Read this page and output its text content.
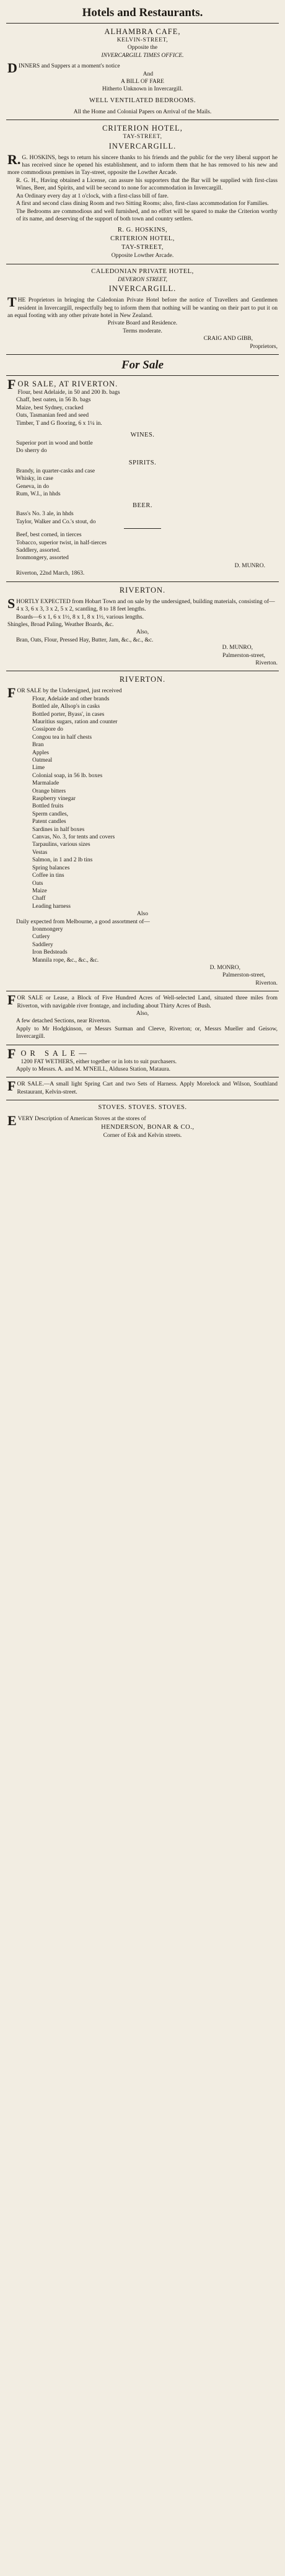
Hotels and Restaurants.
ALHAMBRA CAFE,
KELVIN-STREET,
Opposite the
INVERCARGILL TIMES OFFICE.
DINNERS and Suppers at a moment's notice
And
A BILL OF FARE
Hitherto Unknown in Invercargill.
WELL VENTILATED BEDROOMS.
All the Home and Colonial Papers on Arrival of the Mails.
CRITERION HOTEL,
TAY-STREET,
INVERCARGILL.
R.G. HOSKINS, begs to return his sincere thanks to his friends and the public for the very liberal support he has received since he opened his establishment, and to inform them that he has removed to his new and more commodious premises in Tay-street, opposite the Lowther Arcade.
R. G. H., Having obtained a License, can assure his supporters that the Bar will be supplied with first-class Wines, Beer, and Spirits, and will be second to none for accommodation in Invercargill.
An Ordinary every day at 1 o'clock, with a first-class bill of fare.
A first and second class dining Room and two Sitting Rooms; also, first-class accommodation for Families.
The Bedrooms are commodious and well furnished, and no effort will be spared to make the Criterion worthy of its name, and deserving of the support of both town and country settlers.
R. G. HOSKINS,
CRITERION HOTEL,
TAY-STREET,
Opposite Lowther Arcade.
CALEDONIAN PRIVATE HOTEL,
DEVERON STREET,
INVERCARGILL.
THE Proprietors in bringing the Caledonian Private Hotel before the notice of Travellers and Gentlemen resident in Invercargill, respectfully beg to inform them that nothing will be wanting on their part to put it on an equal footing with any other private hotel in New Zealand.
Private Board and Residence.
Terms moderate.
CRAIG AND GIBB,
Proprietors,
For Sale
FOR SALE, AT RIVERTON.
Flour, best Adelaide, in 50 and 200 lb. bags
Chaff, best oaten, in 56 lb. bags
Maize, best Sydney, cracked
Oats, Tasmanian feed and seed
Timber, T and G flooring, 6 x 1¼ in.
WINES.
Superior port in wood and bottle
Do sherry do
SPIRITS.
Brandy, in quarter-casks and case
Whisky, in case
Geneva, in do
Rum, W.I., in hhds
BEER.
Bass's No. 3 ale, in hhds
Taylor, Walker and Co.'s stout, do
Beef, best corned, in tierces
Tobacco, superior twist, in half-tierces
Saddlery, assorted.
Ironmongery, assorted
D. MUNRO.
Riverton, 22nd March, 1863.
RIVERTON.
SHORTLY EXPECTED from Hobart Town and on sale by the undersigned, building materials, consisting of—
4 x 3, 6 x 3, 3 x 2, 5 x 2, scantling, 8 to 18 feet lengths.
Boards—6 x 1, 6 x 1½, 8 x 1, 8 x 1½, various lengths.
Shingles, Broad Paling, Weather Boards, &c.
Also,
Bran, Oats, Flour, Pressed Hay, Butter, Jam, &c., &c., &c.
D. MUNRO,
Palmerston-street,
Riverton.
RIVERTON.
FOR SALE by the Undersigned, just received
Flour, Adelaide and other brands
Bottled ale, Allsop's in casks
Bottled porter, Byass', in cases
Mauritius sugars, ration and counter
Cossipore do
Congou tea in half chests
Bran
Apples
Oatmeal
Lime
Colonial soap, in 56 lb. boxes
Marmalade
Orange bitters
Raspberry vinegar
Bottled fruits
Sperm candles,
Patent candles
Sardines in half boxes
Canvas, No. 3, for tents and covers
Tarpaulins, various sizes
Vestas
Salmon, in 1 and 2 lb tins
Spring balances
Coffee in tins
Oats
Maize
Chaff
Leading harness
Also
Daily expected from Melbourne, a good assortment of—
Ironmongery
Cutlery
Saddlery
Iron Bedsteads
Mannila rope, &c., &c., &c.
D. MONRO,
Palmerston-street,
Riverton.
FOR SALE or Lease, a Block of Five Hundred Acres of Well-selected Land, situated three miles from Riverton, with navigable river frontage, and including about Thirty Acres of Bush.
Also,
A few detached Sections, near Riverton.
Apply to Mr Hodgkinson, or Messrs Surman and Cleeve, Riverton; or, Messrs Mueller and Geisow, Invercargill.
FOR SALE—
1200 FAT WETHERS, either together or in lots to suit purchasers.
Apply to Messrs. A. and M. M'NEILL, Aldusea Station, Mataura.
FOR SALE.—A small light Spring Cart and two Sets of Harness. Apply Morelock and Wilson, Southland Restaurant, Kelvin-street.
STOVES. STOVES. STOVES.
EVERY Description of American Stoves at the stores of
HENDERSON, BONAR & CO.,
Corner of Esk and Kelvin streets.
